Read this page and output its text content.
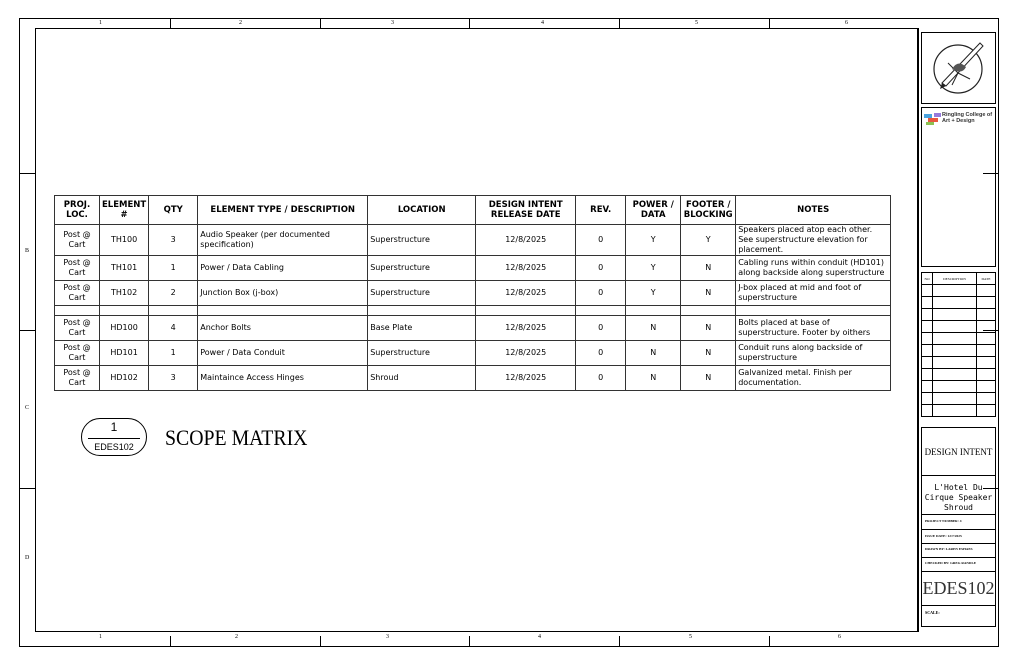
1	2	3	4	5	6
1	2	3	4	5	6
B
C
D
PROJ. LOC.	ELEMENT #	QTY	ELEMENT TYPE / DESCRIPTION	LOCATION	DESIGN INTENT RELEASE DATE	REV.	POWER / DATA	FOOTER / BLOCKING	NOTES
Post @ Cart	TH100	3	Audio Speaker (per documented specification)	Superstructure	12/8/2025	0	Y	Y	Speakers placed atop each other. See superstructure elevation for placement.
Post @ Cart	TH101	1	Power / Data Cabling	Superstructure	12/8/2025	0	Y	N	Cabling runs within conduit (HD101) along backside along superstructure
Post @ Cart	TH102	2	Junction Box (j-box)	Superstructure	12/8/2025	0	Y	N	J-box placed at mid and foot of superstructure

Post @ Cart	HD100	4	Anchor Bolts	Base Plate	12/8/2025	0	N	N	Bolts placed at base of superstructure. Footer by oithers
Post @ Cart	HD101	1	Power / Data Conduit	Superstructure	12/8/2025	0	N	N	Conduit runs along backside of superstructure
Post @ Cart	HD102	3	Maintaince Access Hinges	Shroud	12/8/2025	0	N	N	Galvanized metal. Finish per documentation.
1
EDES102	SCOPE MATRIX
Ringling College of Art + Design
NO	DESCRIPTION	DATE

DESIGN INTENT
L'Hotel Du Cirque Speaker Shroud
PROJECT NUMBER: 4
ISSUE DATE: 12/7/2025
DRAWN BY: LAREN ESHAES
CHECKED BY: GREG RANDLE
EDES102
SCALE:
